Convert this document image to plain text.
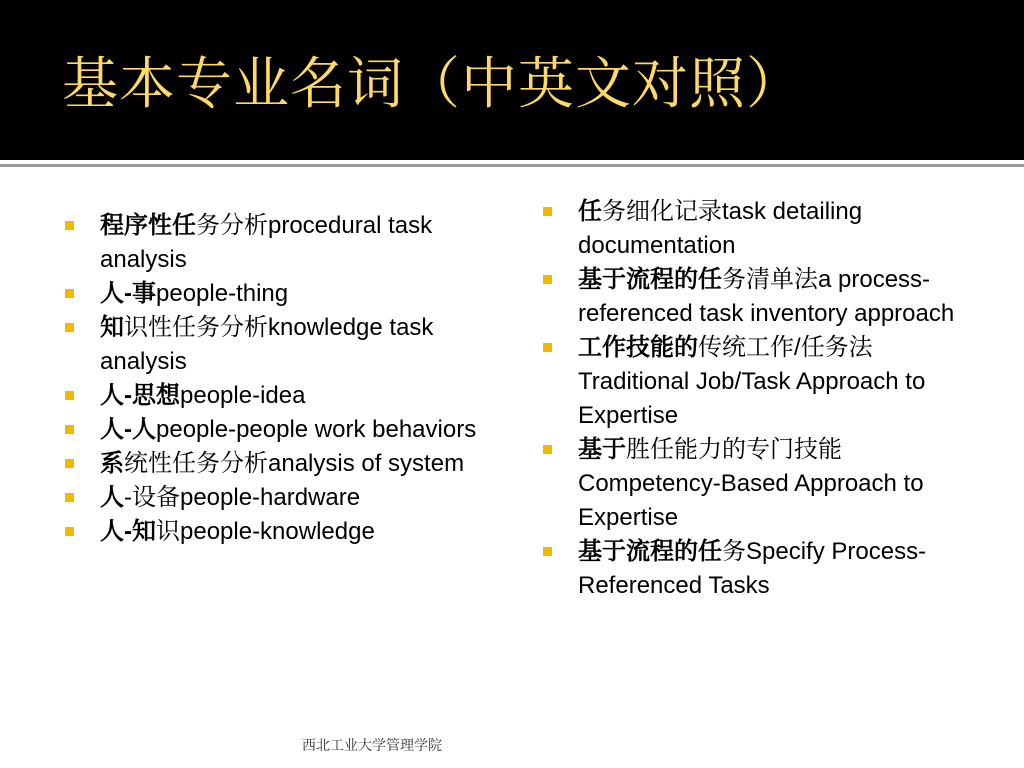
基本专业名词（中英文对照）
程序性任务分析procedural task analysis
人-事people-thing
知识性任务分析knowledge task analysis
人-思想people-idea
人-人people-people work behaviors
系统性任务分析analysis of system
人-设备people-hardware
人-知识people-knowledge
任务细化记录task detailing documentation
基于流程的任务清单法a process-referenced task inventory approach
工作技能的传统工作/任务法 Traditional Job/Task Approach to Expertise
基于胜任能力的专门技能 Competency-Based Approach to Expertise
基于流程的任务Specify Process-Referenced Tasks
西北工业大学管理学院
